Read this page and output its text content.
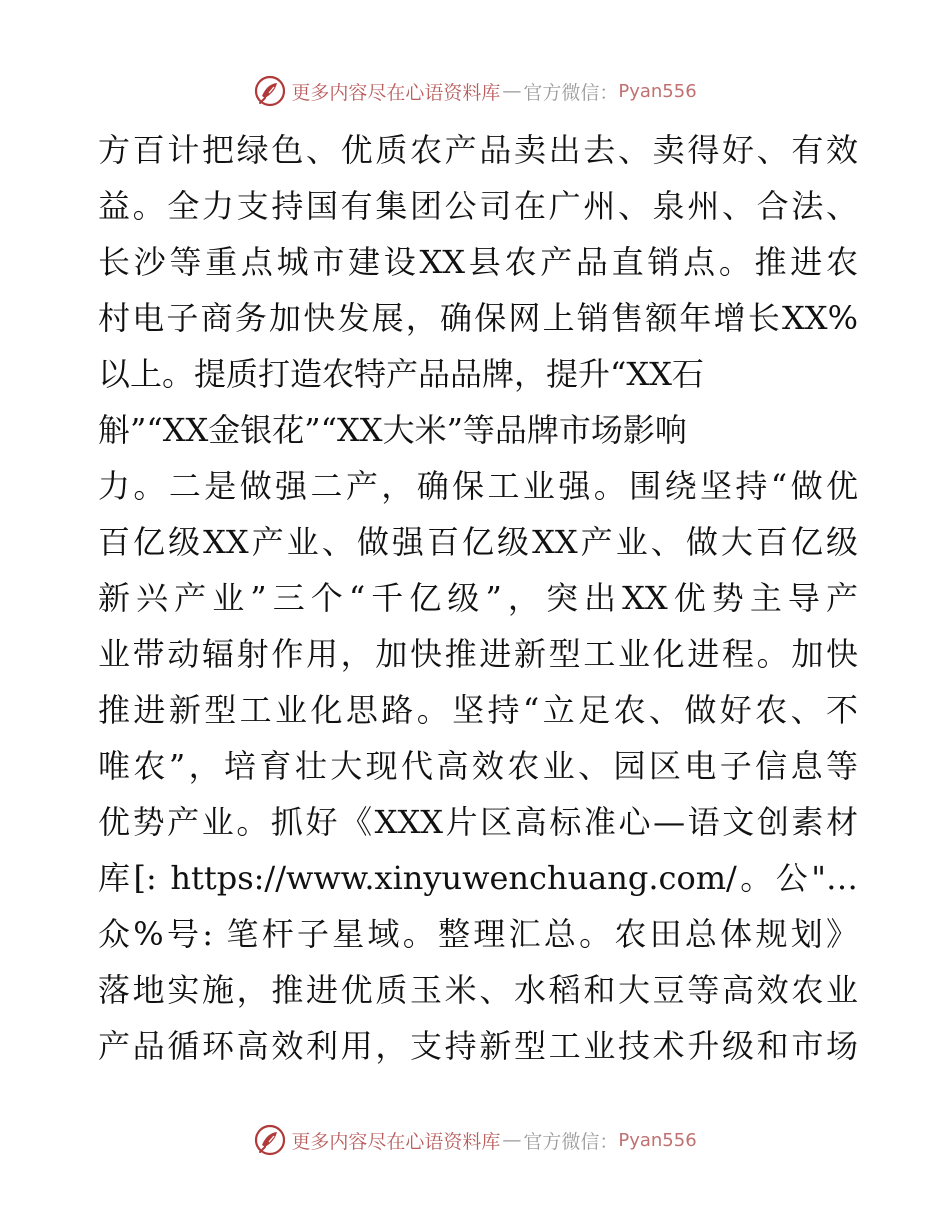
更多内容尽在心语资料库 — 官方微信： Pyan556
方百计把绿色、优质农产品卖出去、卖得好、有效
益。全力支持国有集团公司在广州、泉州、合法、
长沙等重点城市建设XX县农产品直销点。推进农
村电子商务加快发展，确保网上销售额年增长XX%
以上。提质打造农特产品品牌，提升“XX石
斛”“XX金银花”“XX大米”等品牌市场影响
力。二是做强二产，确保工业强。围绕坚持“做优
百亿级XX产业、做强百亿级XX产业、做大百亿级
新兴产业”三个“千亿级”，突出XX优势主导产
业带动辐射作用，加快推进新型工业化进程。加快
推进新型工业化思路。坚持“立足农、做好农、不
唯农”，培育壮大现代高效农业、园区电子信息等
优势产业。抓好《XXX片区高标准心—语文创素材
库[: https://www.xinyuwenchuang.com/。公"…
众%号: 笔杆子星域。整理汇总。农田总体规划》
落地实施，推进优质玉米、水稻和大豆等高效农业
产品循环高效利用，支持新型工业技术升级和市场
更多内容尽在心语资料库 — 官方微信： Pyan556
